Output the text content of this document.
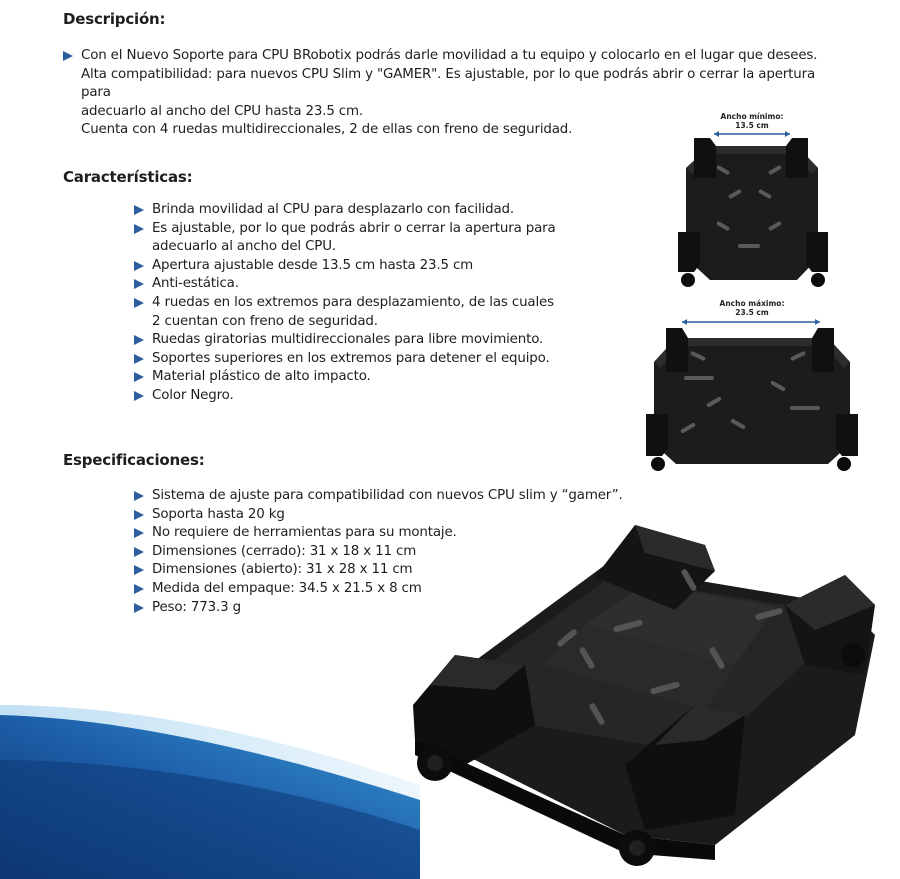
Descripción:
Con el Nuevo Soporte para CPU BRobotix podrás darle movilidad a tu equipo y colocarlo en el lugar que desees.
Alta compatibilidad: para nuevos CPU Slim y "GAMER". Es ajustable, por lo que podrás abrir o cerrar la apertura para
adecuarlo al ancho del CPU hasta 23.5 cm.
Cuenta con 4 ruedas multidireccionales, 2 de ellas con freno de seguridad.
Características:
Brinda movilidad al CPU para desplazarlo con facilidad.
Es ajustable, por lo que podrás abrir o cerrar la apertura para
adecuarlo al ancho del CPU.
Apertura ajustable desde 13.5 cm hasta 23.5 cm
Anti-estática.
4 ruedas en los extremos para desplazamiento, de las cuales
2 cuentan con freno de seguridad.
Ruedas giratorias multidireccionales para libre movimiento.
Soportes superiores en los extremos para detener el equipo.
Material plástico de alto impacto.
Color Negro.
Especificaciones:
Sistema de ajuste para compatibilidad con nuevos CPU slim y “gamer”.
Soporta hasta 20 kg
No requiere de herramientas para su montaje.
Dimensiones (cerrado): 31 x 18 x 11 cm
Dimensiones (abierto): 31 x 28 x 11 cm
Medida del empaque: 34.5 x 21.5 x 8 cm
Peso: 773.3 g
Ancho mínimo:
13.5 cm
Ancho máximo:
23.5 cm
